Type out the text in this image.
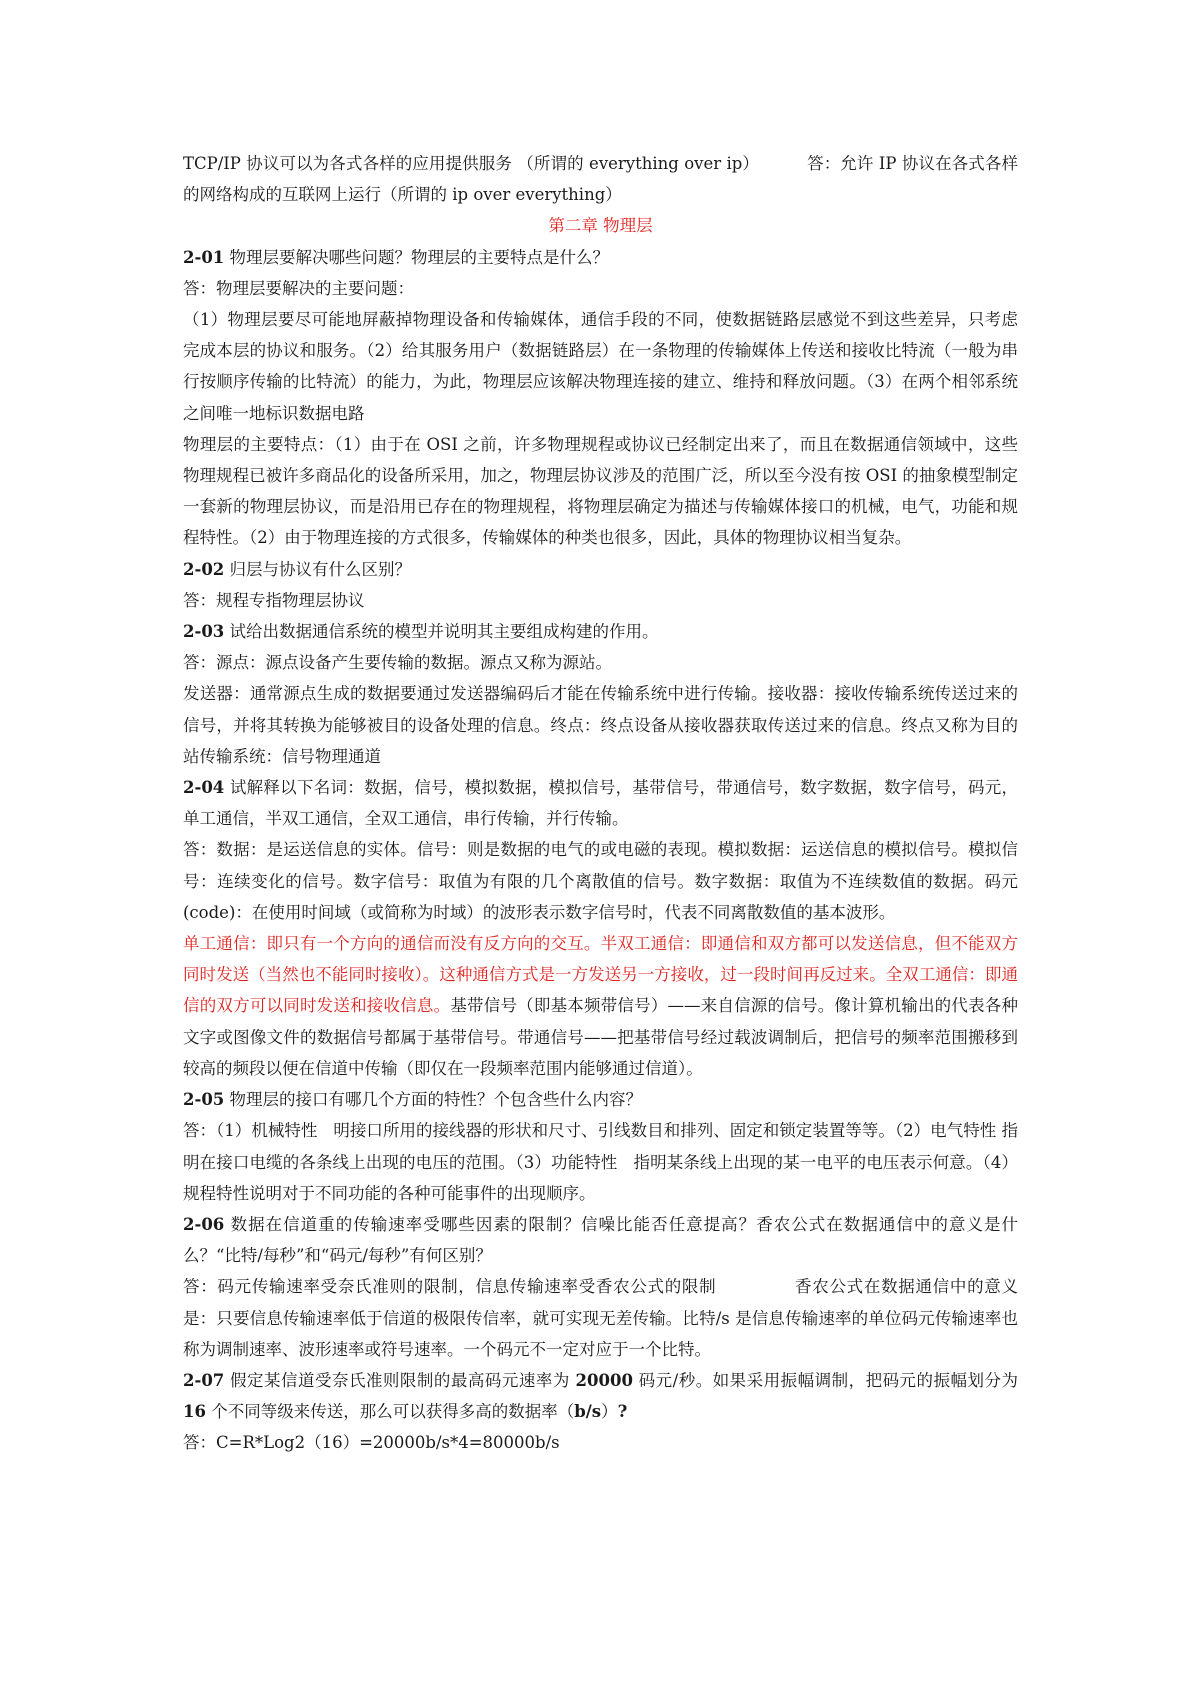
TCP/IP 协议可以为各式各样的应用提供服务 （所谓的 everything over ip）	答：允许 IP 协议在各式各样的网络构成的互联网上运行（所谓的 ip over everything）

第二章 物理层

2-01 物理层要解决哪些问题？物理层的主要特点是什么？

答：物理层要解决的主要问题：

（1）物理层要尽可能地屏蔽掉物理设备和传输媒体，通信手段的不同，使数据链路层感觉不到这些差异，只考虑完成本层的协议和服务。（2）给其服务用户（数据链路层）在一条物理的传输媒体上传送和接收比特流（一般为串行按顺序传输的比特流）的能力，为此，物理层应该解决物理连接的建立、维持和释放问题。（3）在两个相邻系统之间唯一地标识数据电路

物理层的主要特点：（1）由于在 OSI 之前，许多物理规程或协议已经制定出来了，而且在数据通信领域中，这些物理规程已被许多商品化的设备所采用，加之，物理层协议涉及的范围广泛，所以至今没有按 OSI 的抽象模型制定一套新的物理层协议，而是沿用已存在的物理规程，将物理层确定为描述与传输媒体接口的机械，电气，功能和规程特性。（2）由于物理连接的方式很多，传输媒体的种类也很多，因此，具体的物理协议相当复杂。

2-02 归层与协议有什么区别？

答：规程专指物理层协议

2-03 试给出数据通信系统的模型并说明其主要组成构建的作用。

答：源点：源点设备产生要传输的数据。源点又称为源站。

发送器：通常源点生成的数据要通过发送器编码后才能在传输系统中进行传输。接收器：接收传输系统传送过来的信号，并将其转换为能够被目的设备处理的信息。终点：终点设备从接收器获取传送过来的信息。终点又称为目的站传输系统：信号物理通道

2-04 试解释以下名词：数据，信号，模拟数据，模拟信号，基带信号，带通信号，数字数据，数字信号，码元，单工通信，半双工通信，全双工通信，串行传输，并行传输。

答：数据：是运送信息的实体。信号：则是数据的电气的或电磁的表现。模拟数据：运送信息的模拟信号。模拟信号：连续变化的信号。数字信号：取值为有限的几个离散值的信号。数字数据：取值为不连续数值的数据。码元(code)：在使用时间域（或简称为时域）的波形表示数字信号时，代表不同离散数值的基本波形。

单工通信：即只有一个方向的通信而没有反方向的交互。半双工通信：即通信和双方都可以发送信息，但不能双方同时发送（当然也不能同时接收）。这种通信方式是一方发送另一方接收，过一段时间再反过来。全双工通信：即通信的双方可以同时发送和接收信息。基带信号（即基本频带信号）——来自信源的信号。像计算机输出的代表各种文字或图像文件的数据信号都属于基带信号。带通信号——把基带信号经过载波调制后，把信号的频率范围搬移到较高的频段以便在信道中传输（即仅在一段频率范围内能够通过信道）。

2-05 物理层的接口有哪几个方面的特性？个包含些什么内容？

答：（1）机械特性 明接口所用的接线器的形状和尺寸、引线数目和排列、固定和锁定装置等等。（2）电气特性 指明在接口电缆的各条线上出现的电压的范围。（3）功能特性 指明某条线上出现的某一电平的电压表示何意。（4）规程特性说明对于不同功能的各种可能事件的出现顺序。

2-06 数据在信道重的传输速率受哪些因素的限制？信噪比能否任意提高？香农公式在数据通信中的意义是什么？“比特/每秒”和“码元/每秒”有何区别？

答：码元传输速率受奈氏准则的限制，信息传输速率受香农公式的限制	香农公式在数据通信中的意义是：只要信息传输速率低于信道的极限传信率，就可实现无差传输。比特/s 是信息传输速率的单位码元传输速率也称为调制速率、波形速率或符号速率。一个码元不一定对应于一个比特。

2-07 假定某信道受奈氏准则限制的最高码元速率为 20000 码元/秒。如果采用振幅调制，把码元的振幅划分为 16 个不同等级来传送，那么可以获得多高的数据率（b/s）?

答：C=R*Log2（16）=20000b/s*4=80000b/s
